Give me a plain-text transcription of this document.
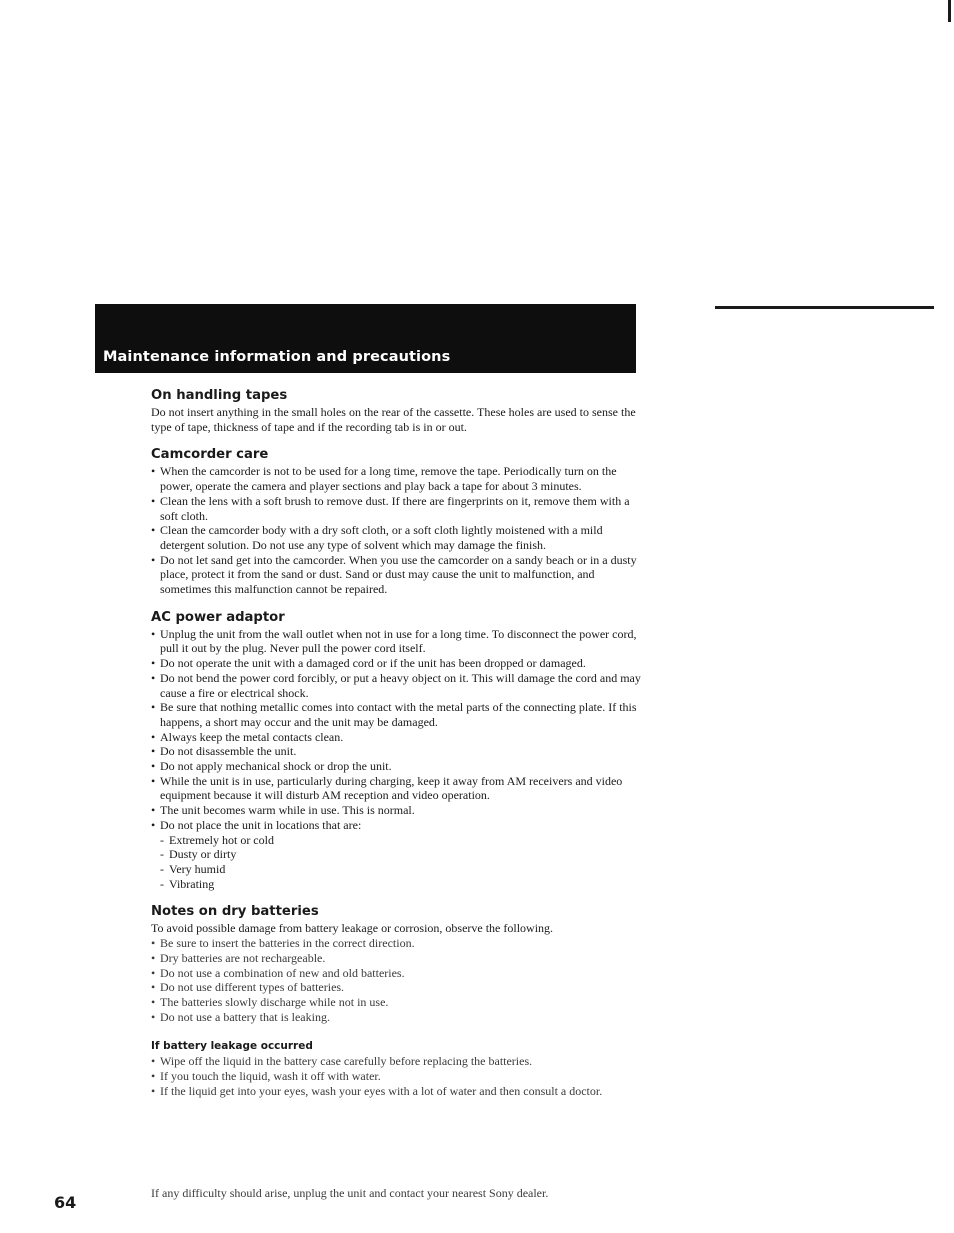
Maintenance information and precautions
On handling tapes

Do not insert anything in the small holes on the rear of the cassette. These holes are used to sense the type of tape, thickness of tape and if the recording tab is in or out.

Camcorder care
• When the camcorder is not to be used for a long time, remove the tape. Periodically turn on the power, operate the camera and player sections and play back a tape for about 3 minutes.
• Clean the lens with a soft brush to remove dust. If there are fingerprints on it, remove them with a soft cloth.
• Clean the camcorder body with a dry soft cloth, or a soft cloth lightly moistened with a mild detergent solution. Do not use any type of solvent which may damage the finish.
• Do not let sand get into the camcorder. When you use the camcorder on a sandy beach or in a dusty place, protect it from the sand or dust. Sand or dust may cause the unit to malfunction, and sometimes this malfunction cannot be repaired.
AC power adaptor
• Unplug the unit from the wall outlet when not in use for a long time. To disconnect the power cord, pull it out by the plug. Never pull the power cord itself.
• Do not operate the unit with a damaged cord or if the unit has been dropped or damaged.
• Do not bend the power cord forcibly, or put a heavy object on it. This will damage the cord and may cause a fire or electrical shock.
• Be sure that nothing metallic comes into contact with the metal parts of the connecting plate. If this happens, a short may occur and the unit may be damaged.
• Always keep the metal contacts clean.
• Do not disassemble the unit.
• Do not apply mechanical shock or drop the unit.
• While the unit is in use, particularly during charging, keep it away from AM receivers and video equipment because it will disturb AM reception and video operation.
• The unit becomes warm while in use. This is normal.
• Do not place the unit in locations that are:
- Extremely hot or cold
- Dusty or dirty
- Very humid
- Vibrating
Notes on dry batteries

To avoid possible damage from battery leakage or corrosion, observe the following.

• Be sure to insert the batteries in the correct direction.
• Dry batteries are not rechargeable.
• Do not use a combination of new and old batteries.
• Do not use different types of batteries.
• The batteries slowly discharge while not in use.
• Do not use a battery that is leaking.
If battery leakage occurred
• Wipe off the liquid in the battery case carefully before replacing the batteries.
• If you touch the liquid, wash it off with water.
• If the liquid get into your eyes, wash your eyes with a lot of water and then consult a doctor.
If any difficulty should arise, unplug the unit and contact your nearest Sony dealer.
64
